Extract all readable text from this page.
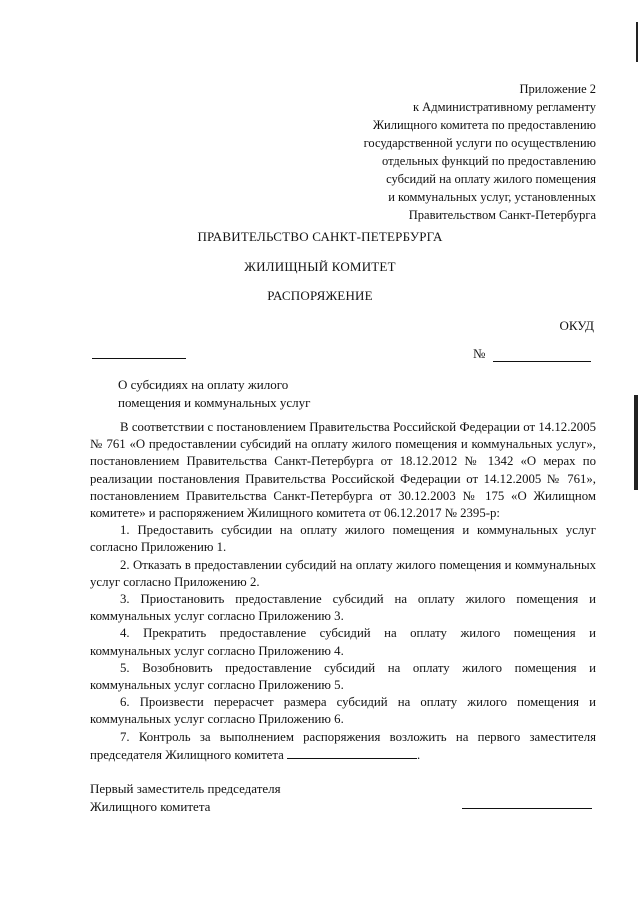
Приложение 2
к Административному регламенту
Жилищного комитета по предоставлению
государственной услуги по осуществлению
отдельных функций по предоставлению
субсидий на оплату жилого помещения
и коммунальных услуг, установленных
Правительством Санкт-Петербурга
ПРАВИТЕЛЬСТВО САНКТ-ПЕТЕРБУРГА
ЖИЛИЩНЫЙ КОМИТЕТ
РАСПОРЯЖЕНИЕ
ОКУД
№
О субсидиях на оплату жилого
помещения и коммунальных услуг

В соответствии с постановлением Правительства Российской Федерации от 14.12.2005 № 761 «О предоставлении субсидий на оплату жилого помещения и коммунальных услуг», постановлением Правительства Санкт-Петербурга от 18.12.2012 № 1342 «О мерах по реализации постановления Правительства Российской Федерации от 14.12.2005 № 761», постановлением Правительства Санкт-Петербурга от 30.12.2003 № 175 «О Жилищном комитете» и распоряжением Жилищного комитета от 06.12.2017 № 2395-р:

1. Предоставить субсидии на оплату жилого помещения и коммунальных услуг согласно Приложению 1.

2. Отказать в предоставлении субсидий на оплату жилого помещения и коммунальных услуг согласно Приложению 2.

3. Приостановить предоставление субсидий на оплату жилого помещения и коммунальных услуг согласно Приложению 3.

4. Прекратить предоставление субсидий на оплату жилого помещения и коммунальных услуг согласно Приложению 4.

5. Возобновить предоставление субсидий на оплату жилого помещения и коммунальных услуг согласно Приложению 5.

6. Произвести перерасчет размера субсидий на оплату жилого помещения и коммунальных услуг согласно Приложению 6.

7. Контроль за выполнением распоряжения возложить на первого заместителя председателя Жилищного комитета	.

Первый заместитель председателя
Жилищного комитета
